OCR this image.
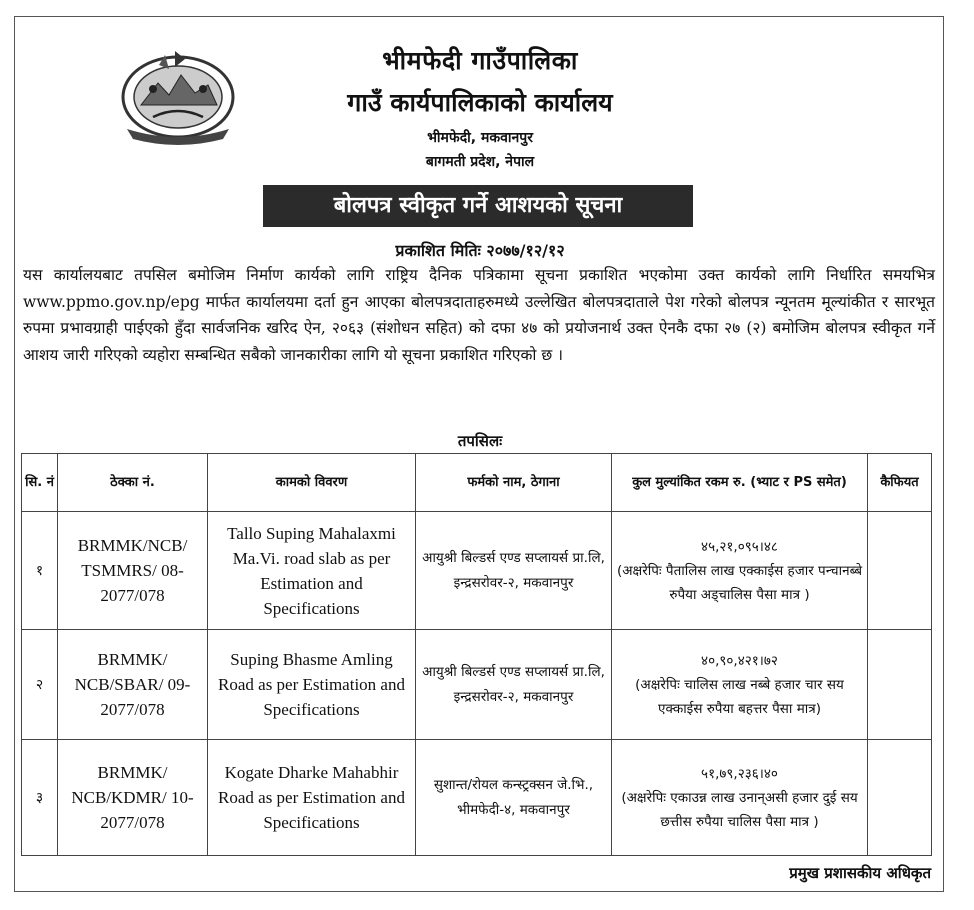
भीमफेदी गाउँपालिका
गाउँ कार्यपालिकाको कार्यालय
भीमफेदी, मकवानपुर
बागमती प्रदेश, नेपाल
बोलपत्र स्वीकृत गर्ने आशयको सूचना
प्रकाशित मितिः २०७७/१२/१२

यस कार्यालयबाट तपसिल बमोजिम निर्माण कार्यको लागि राष्ट्रिय दैनिक पत्रिकामा सूचना प्रकाशित भएकोमा उक्त कार्यको लागि निर्धारित समयभित्र www.ppmo.gov.np/epg मार्फत कार्यालयमा दर्ता हुन आएका बोलपत्रदाताहरुमध्ये उल्लेखित बोलपत्रदाताले पेश गरेको बोलपत्र न्यूनतम मूल्यांकीत र सारभूत रुपमा प्रभावग्राही पाईएको हुँदा सार्वजनिक खरिद ऐन, २०६३ (संशोधन सहित) को दफा ४७ को प्रयोजनार्थ उक्त ऐनकै दफा २७ (२) बमोजिम बोलपत्र स्वीकृत गर्ने आशय जारी गरिएको व्यहोरा सम्बन्धित सबैको जानकारीका लागि यो सूचना प्रकाशित गरिएको छ ।

तपसिलः
सि. नं	ठेक्का नं.	कामको विवरण	फर्मको नाम, ठेगाना	कुल मुल्यांकित रकम रु. (भ्याट र PS समेत)	कैफियत
१	BRMMK/NCB/ TSMMRS/ 08-2077/078	Tallo Suping Mahalaxmi Ma.Vi. road slab as per Estimation and Specifications	आयुश्री बिल्डर्स एण्ड सप्लायर्स प्रा.लि, इन्द्रसरोवर-२, मकवानपुर	४५,२१,०९५।४८
(अक्षरेपिः पैतालिस लाख एक्काईस हजार पन्चानब्बे रुपैया अड्चालिस पैसा मात्र )	

२	BRMMK/ NCB/SBAR/ 09-2077/078	Suping Bhasme Amling Road as per Estimation and Specifications	आयुश्री बिल्डर्स एण्ड सप्लायर्स प्रा.लि, इन्द्रसरोवर-२, मकवानपुर	४०,९०,४२१।७२
(अक्षरेपिः चालिस लाख नब्बे हजार चार सय एक्काईस रुपैया बहत्तर पैसा मात्र)	

३	BRMMK/ NCB/KDMR/ 10-2077/078	Kogate Dharke Mahabhir Road as per Estimation and Specifications	सुशान्त/रोयल कन्स्ट्रक्सन जे.भि., भीमफेदी-४, मकवानपुर	५१,७९,२३६।४०
(अक्षरेपिः एकाउन्न लाख उनान्असी हजार दुई सय छत्तीस रुपैया चालिस पैसा मात्र )	

प्रमुख प्रशासकीय अधिकृत
